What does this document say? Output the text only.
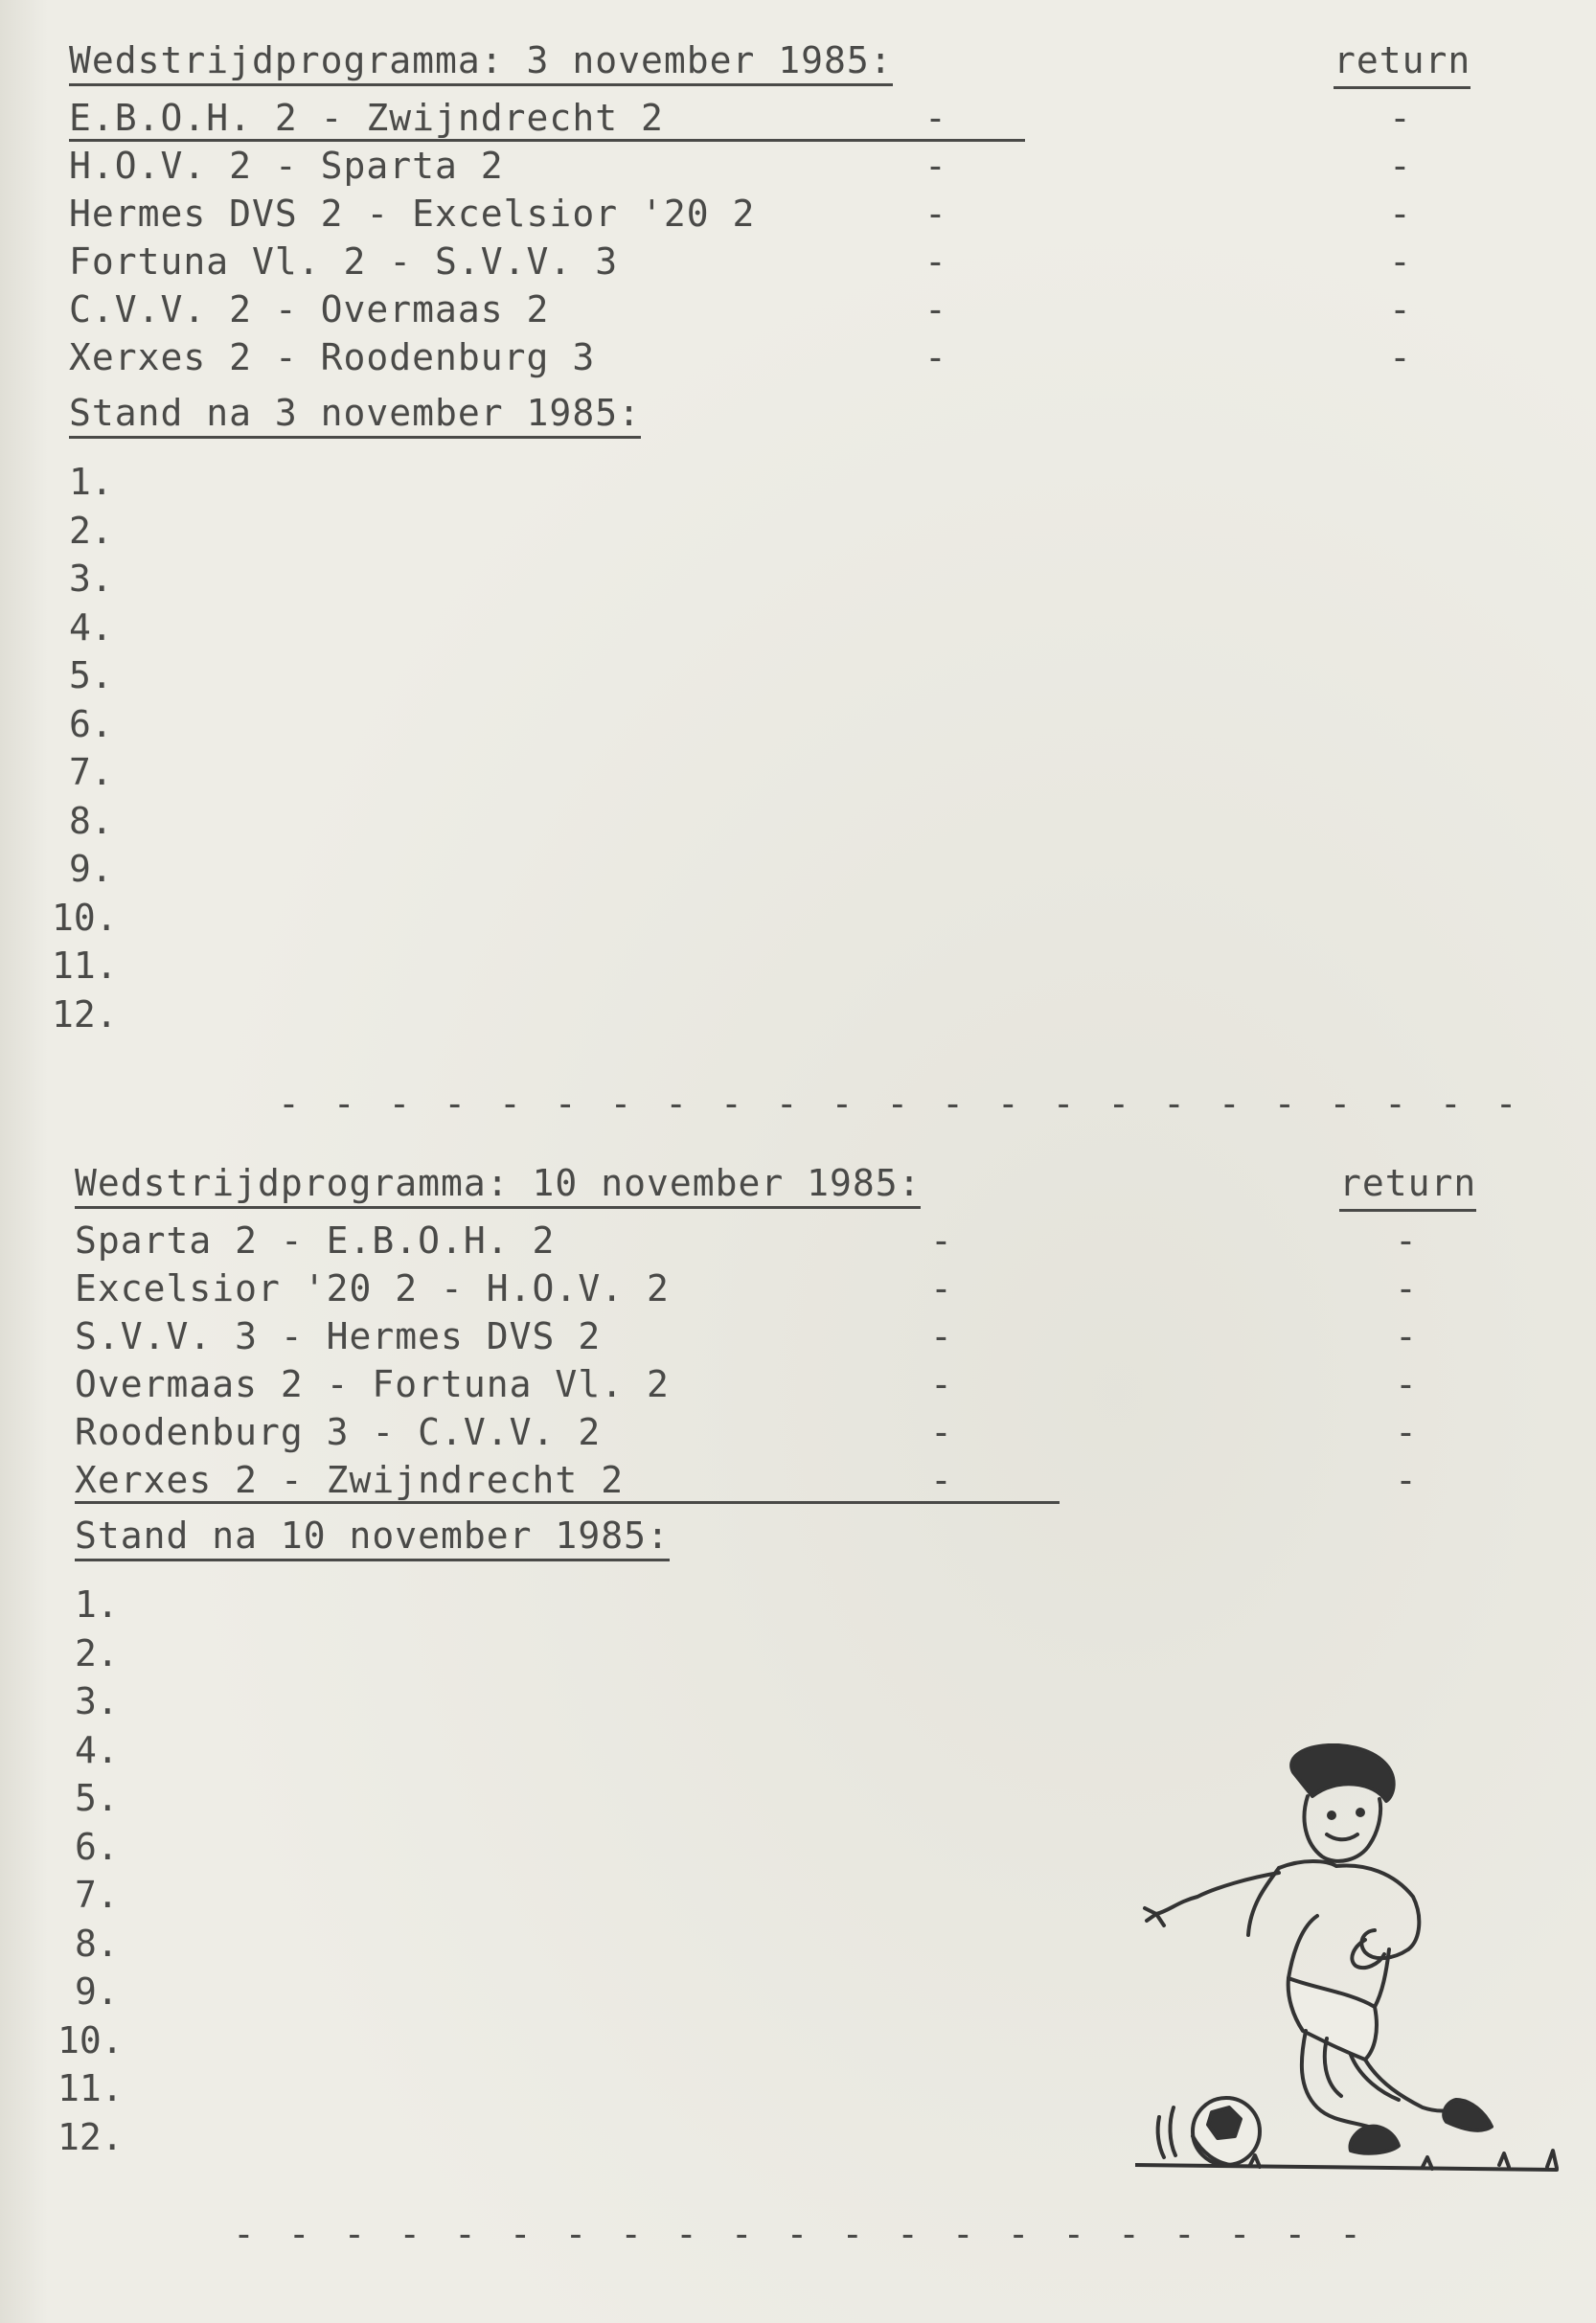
Wedstrijdprogramma: 3 november 1985:	return
E.B.O.H. 2 - Zwijndrecht 2	-	-
H.O.V. 2 - Sparta 2	-	-
Hermes DVS 2 - Excelsior '20 2	-	-
Fortuna Vl. 2 - S.V.V. 3	-	-
C.V.V. 2 - Overmaas 2	-	-
Xerxes 2 - Roodenburg 3	-	-
Stand na 3 november 1985:
1.
2.
3.
4.
5.
6.
7.
8.
9.
10.
11.
12.
- - - - - - - - - - - - - - - - - - - - - - -
Wedstrijdprogramma: 10 november 1985:	return
Sparta 2 - E.B.O.H. 2	-	-
Excelsior '20 2 - H.O.V. 2	-	-
S.V.V. 3 - Hermes DVS 2	-	-
Overmaas 2 - Fortuna Vl. 2	-	-
Roodenburg 3 - C.V.V. 2	-	-
Xerxes 2 - Zwijndrecht 2	-	-
Stand na 10 november 1985:
1.
2.
3.
4.
5.
6.
7.
8.
9.
10.
11.
12.
- - - - - - - - - - - - - - - - - - - - -
